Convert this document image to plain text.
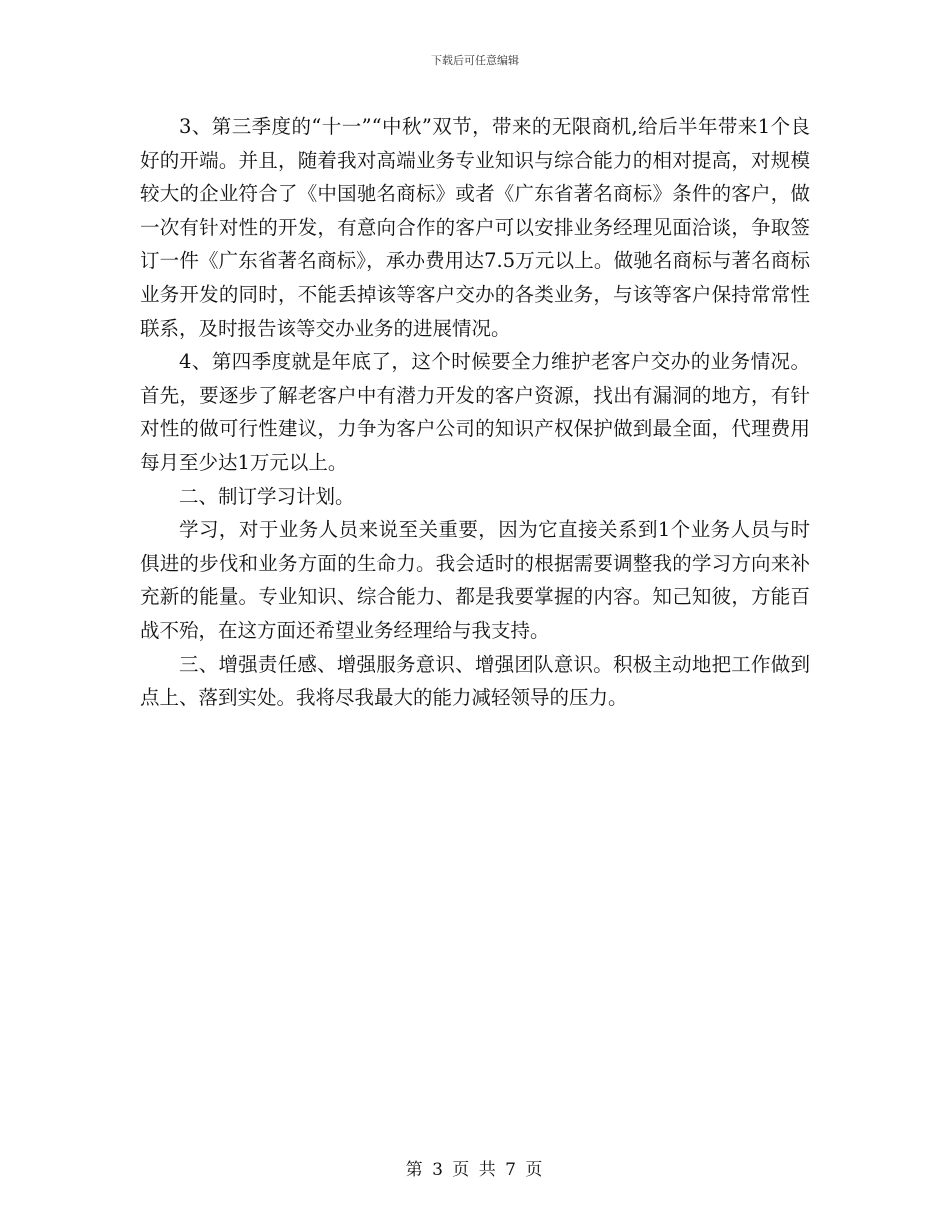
下载后可任意编辑

3、第三季度的“十一”“中秋”双节，带来的无限商机,给后半年带来1个良好的开端。并且，随着我对高端业务专业知识与综合能力的相对提高，对规模较大的企业符合了《中国驰名商标》或者《广东省著名商标》条件的客户，做一次有针对性的开发，有意向合作的客户可以安排业务经理见面洽谈，争取签订一件《广东省著名商标》，承办费用达7.5万元以上。做驰名商标与著名商标业务开发的同时，不能丢掉该等客户交办的各类业务，与该等客户保持常常性联系，及时报告该等交办业务的进展情况。

4、第四季度就是年底了，这个时候要全力维护老客户交办的业务情况。首先，要逐步了解老客户中有潜力开发的客户资源，找出有漏洞的地方，有针对性的做可行性建议，力争为客户公司的知识产权保护做到最全面，代理费用每月至少达1万元以上。

二、制订学习计划。

学习，对于业务人员来说至关重要，因为它直接关系到1个业务人员与时俱进的步伐和业务方面的生命力。我会适时的根据需要调整我的学习方向来补充新的能量。专业知识、综合能力、都是我要掌握的内容。知己知彼，方能百战不殆，在这方面还希望业务经理给与我支持。

三、增强责任感、增强服务意识、增强团队意识。积极主动地把工作做到点上、落到实处。我将尽我最大的能力减轻领导的压力。

第 3 页 共 7 页
